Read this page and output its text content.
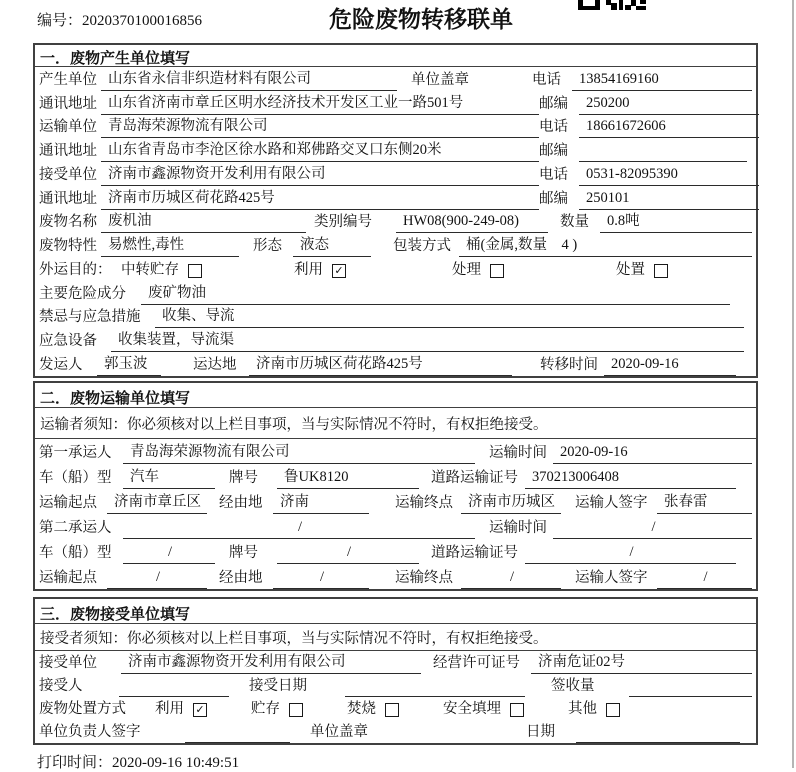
编号：2020370100016856	危险废物转移联单
一．废物产生单位填写
产生单位 山东省永信非织造材料有限公司	单位盖章	电话	13854169160
通讯地址 山东省济南市章丘区明水经济技术开发区工业一路501号	邮编	250200
运输单位 青岛海荣源物流有限公司	电话	18661672606
通讯地址 山东省青岛市李沧区徐水路和郑佛路交叉口东侧20米	邮编
接受单位 济南市鑫源物资开发利用有限公司	电话	0531-82095390
通讯地址 济南市历城区荷花路425号	邮编	250101
废物名称 废机油	类别编号	HW08(900-249-08)	数量	0.8吨
废物特性 易燃性,毒性	形态	液态	包装方式	桶(金属,数量　4 )
外运目的： 中转贮存	利用 ✓	处理	处置
主要危险成分	废矿物油
禁忌与应急措施	收集、导流
应急设备	收集装置，导流渠
发运人	郭玉波	运达地	济南市历城区荷花路425号	转移时间 2020-09-16
二．废物运输单位填写
运输者须知：你必须核对以上栏目事项，当与实际情况不符时，有权拒绝接受。
第一承运人	青岛海荣源物流有限公司	运输时间 2020-09-16
车（船）型	汽车	牌号	鲁UK8120	道路运输证号 370213006408
运输起点	济南市章丘区	经由地	济南	运输终点	济南市历城区	运输人签字	张春雷
第二承运人	/	运输时间	/
车（船）型	/	牌号	/	道路运输证号	/
运输起点	/	经由地	/	运输终点	/	运输人签字	/
三．废物接受单位填写
接受者须知：你必须核对以上栏目事项，当与实际情况不符时，有权拒绝接受。
接受单位	济南市鑫源物资开发利用有限公司	经营许可证号	济南危证02号
接受人	接受日期	签收量
废物处置方式	利用 ✓	贮存	焚烧	安全填埋	其他
单位负责人签字	单位盖章	日期
打印时间：2020-09-16 10:49:51
